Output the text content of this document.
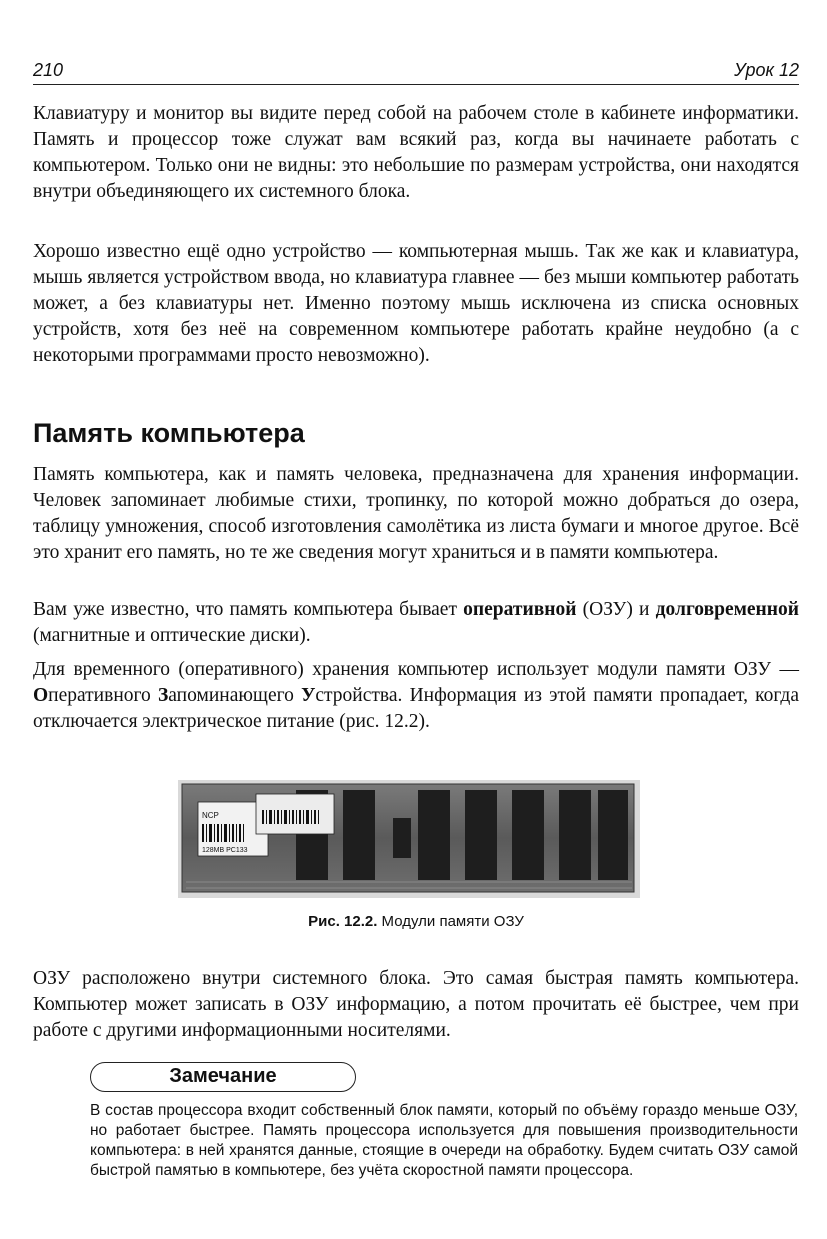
210	Урок 12

Клавиатуру и монитор вы видите перед собой на рабочем столе в кабинете информатики. Память и процессор тоже служат вам всякий раз, когда вы начинаете работать с компьютером. Только они не видны: это небольшие по размерам устройства, они находятся внутри объединяющего их системного блока.

Хорошо известно ещё одно устройство — компьютерная мышь. Так же как и клавиатура, мышь является устройством ввода, но клавиатура главнее — без мыши компьютер работать может, а без клавиатуры нет. Именно поэтому мышь исключена из списка основных устройств, хотя без неё на современном компьютере работать крайне неудобно (а с некоторыми программами просто невозможно).

Память компьютера

Память компьютера, как и память человека, предназначена для хранения информации. Человек запоминает любимые стихи, тропинку, по которой можно добраться до озера, таблицу умножения, способ изготовления самолётика из листа бумаги и многое другое. Всё это хранит его память, но те же сведения могут храниться и в памяти компьютера.

Вам уже известно, что память компьютера бывает оперативной (ОЗУ) и долговременной (магнитные и оптические диски).

Для временного (оперативного) хранения компьютер использует модули памяти ОЗУ — Оперативного Запоминающего Устройства. Информация из этой памяти пропадает, когда отключается электрическое питание (рис. 12.2).

NCP
128MB PC133
Рис. 12.2. Модули памяти ОЗУ

ОЗУ расположено внутри системного блока. Это самая быстрая память компьютера. Компьютер может записать в ОЗУ информацию, а потом прочитать её быстрее, чем при работе с другими информационными носителями.

Замечание

В состав процессора входит собственный блок памяти, который по объёму гораздо меньше ОЗУ, но работает быстрее. Память процессора используется для повышения производительности компьютера: в ней хранятся данные, стоящие в очереди на обработку. Будем считать ОЗУ самой быстрой памятью в компьютере, без учёта скоростной памяти процессора.
